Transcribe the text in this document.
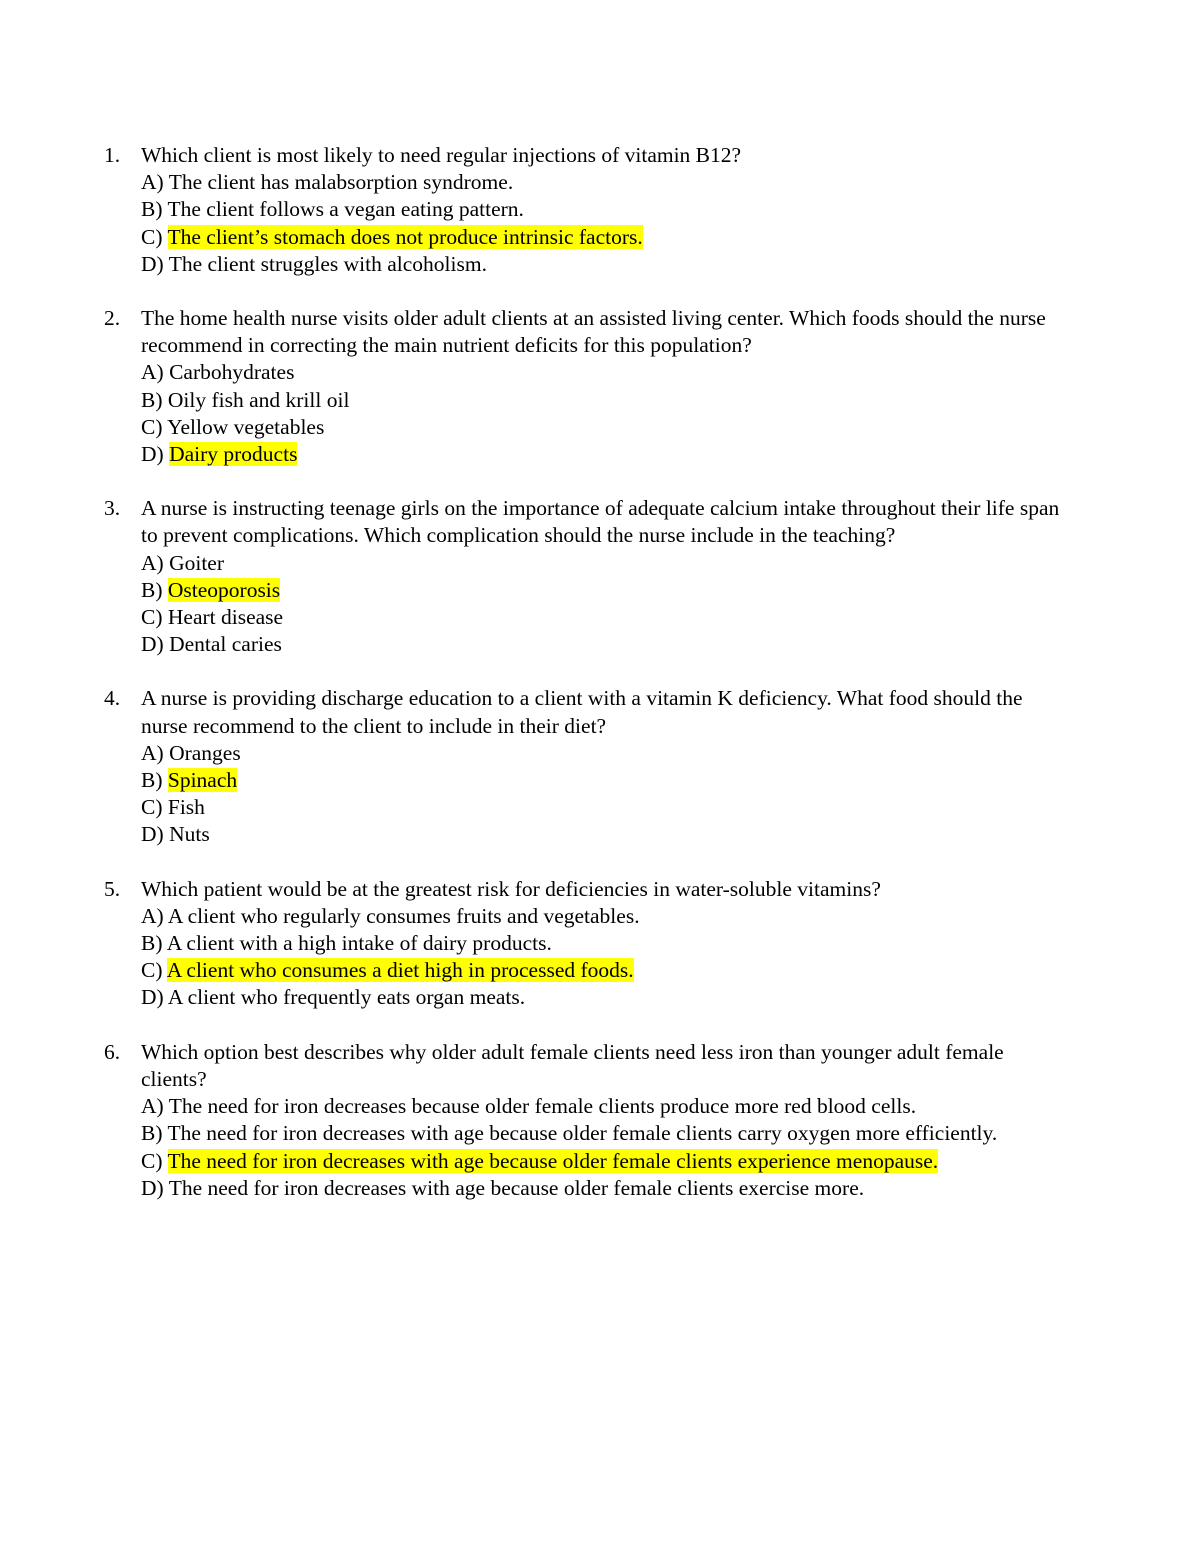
1. Which client is most likely to need regular injections of vitamin B12?
A) The client has malabsorption syndrome.
B) The client follows a vegan eating pattern.
C) The client’s stomach does not produce intrinsic factors.
D) The client struggles with alcoholism.
2. The home health nurse visits older adult clients at an assisted living center. Which foods should the nurse recommend in correcting the main nutrient deficits for this population?
A) Carbohydrates
B) Oily fish and krill oil
C) Yellow vegetables
D) Dairy products
3. A nurse is instructing teenage girls on the importance of adequate calcium intake throughout their life span to prevent complications. Which complication should the nurse include in the teaching?
A) Goiter
B) Osteoporosis
C) Heart disease
D) Dental caries
4. A nurse is providing discharge education to a client with a vitamin K deficiency. What food should the nurse recommend to the client to include in their diet?
A) Oranges
B) Spinach
C) Fish
D) Nuts
5. Which patient would be at the greatest risk for deficiencies in water-soluble vitamins?
A) A client who regularly consumes fruits and vegetables.
B) A client with a high intake of dairy products.
C) A client who consumes a diet high in processed foods.
D) A client who frequently eats organ meats.
6. Which option best describes why older adult female clients need less iron than younger adult female clients?
A) The need for iron decreases because older female clients produce more red blood cells.
B) The need for iron decreases with age because older female clients carry oxygen more efficiently.
C) The need for iron decreases with age because older female clients experience menopause.
D) The need for iron decreases with age because older female clients exercise more.
